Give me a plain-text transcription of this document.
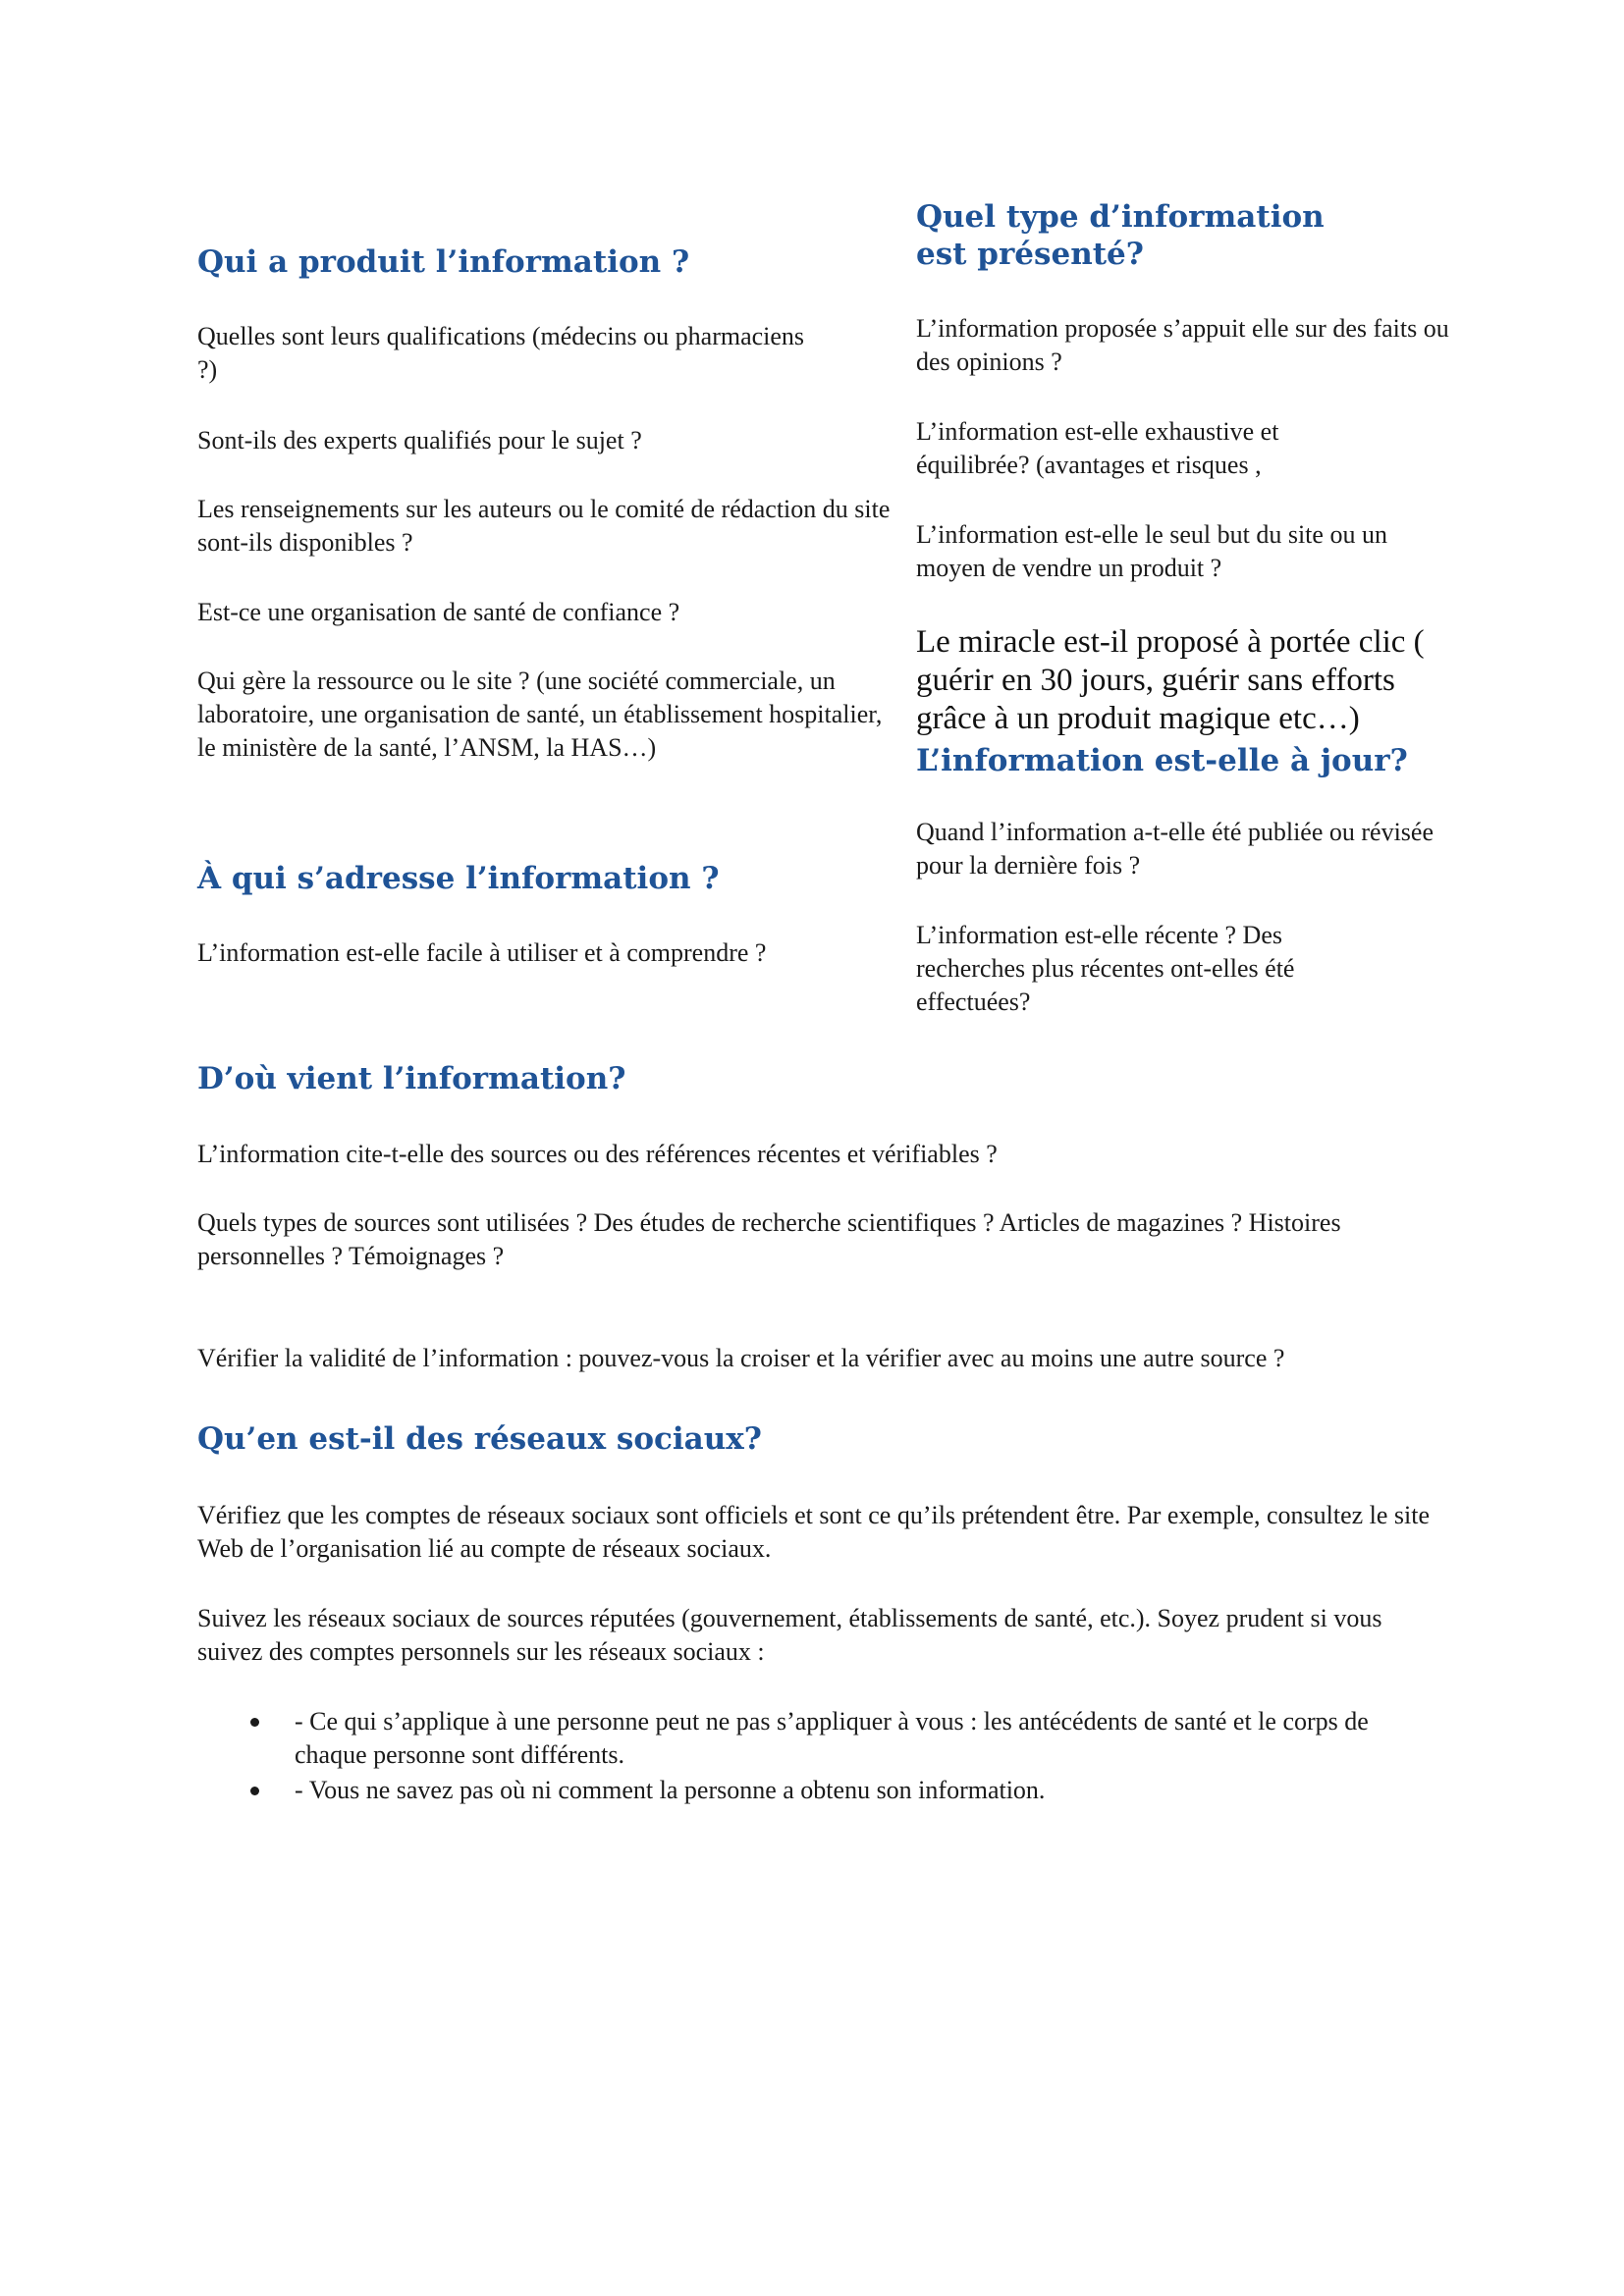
Qui a produit l’information ?

Quelles sont leurs qualifications (médecins ou pharmaciens ?)

Sont-ils des experts qualifiés pour le sujet ?

Les renseignements sur les auteurs ou le comité de rédaction du site sont-ils disponibles ?

Est-ce une organisation de santé de confiance ?

Qui gère la ressource ou le site ? (une société commerciale, un laboratoire, une organisation de santé, un établissement hospitalier, le ministère de la santé, l’ANSM, la HAS…)

À qui s’adresse l’information ?

L’information est-elle facile à utiliser et à comprendre ?

Quel type d’information est présenté?

L’information proposée s’appuit elle sur des faits ou des opinions ?

L’information est-elle exhaustive et équilibrée? (avantages et risques ,

L’information est-elle le seul but du site ou un moyen de vendre un produit ?

Le miracle est-il proposé à portée clic ( guérir en 30 jours, guérir sans efforts grâce à un produit magique etc…)

L’information est-elle à jour?

Quand l’information a-t-elle été publiée ou révisée pour la dernière fois ?

L’information est-elle récente ? Des recherches plus récentes ont-elles été effectuées?

D’où vient l’information?

L’information cite-t-elle des sources ou des références récentes et vérifiables ?

Quels types de sources sont utilisées ? Des études de recherche scientifiques ? Articles de magazines ? Histoires personnelles ? Témoignages ?

Vérifier la validité de l’information : pouvez-vous la croiser et la vérifier avec au moins une autre source ?

Qu’en est-il des réseaux sociaux?

Vérifiez que les comptes de réseaux sociaux sont officiels et sont ce qu’ils prétendent être. Par exemple, consultez le site Web de l’organisation lié au compte de réseaux sociaux.

Suivez les réseaux sociaux de sources réputées (gouvernement, établissements de santé, etc.). Soyez prudent si vous suivez des comptes personnels sur les réseaux sociaux :

- Ce qui s’applique à une personne peut ne pas s’appliquer à vous : les antécédents de santé et le corps de chaque personne sont différents.

- Vous ne savez pas où ni comment la personne a obtenu son information.
